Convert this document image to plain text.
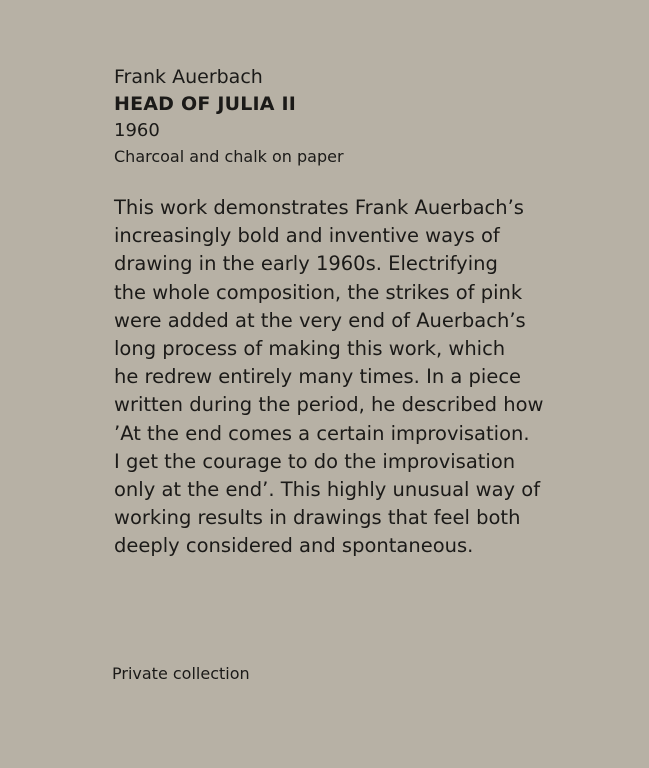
Frank Auerbach

HEAD OF JULIA II

1960

Charcoal and chalk on paper

This work demonstrates Frank Auerbach’s
increasingly bold and inventive ways of
drawing in the early 1960s. Electrifying
the whole composition, the strikes of pink
were added at the very end of Auerbach’s
long process of making this work, which
he redrew entirely many times. In a piece
written during the period, he described how
’At the end comes a certain improvisation.
I get the courage to do the improvisation
only at the end’. This highly unusual way of
working results in drawings that feel both
deeply considered and spontaneous.
Private collection
